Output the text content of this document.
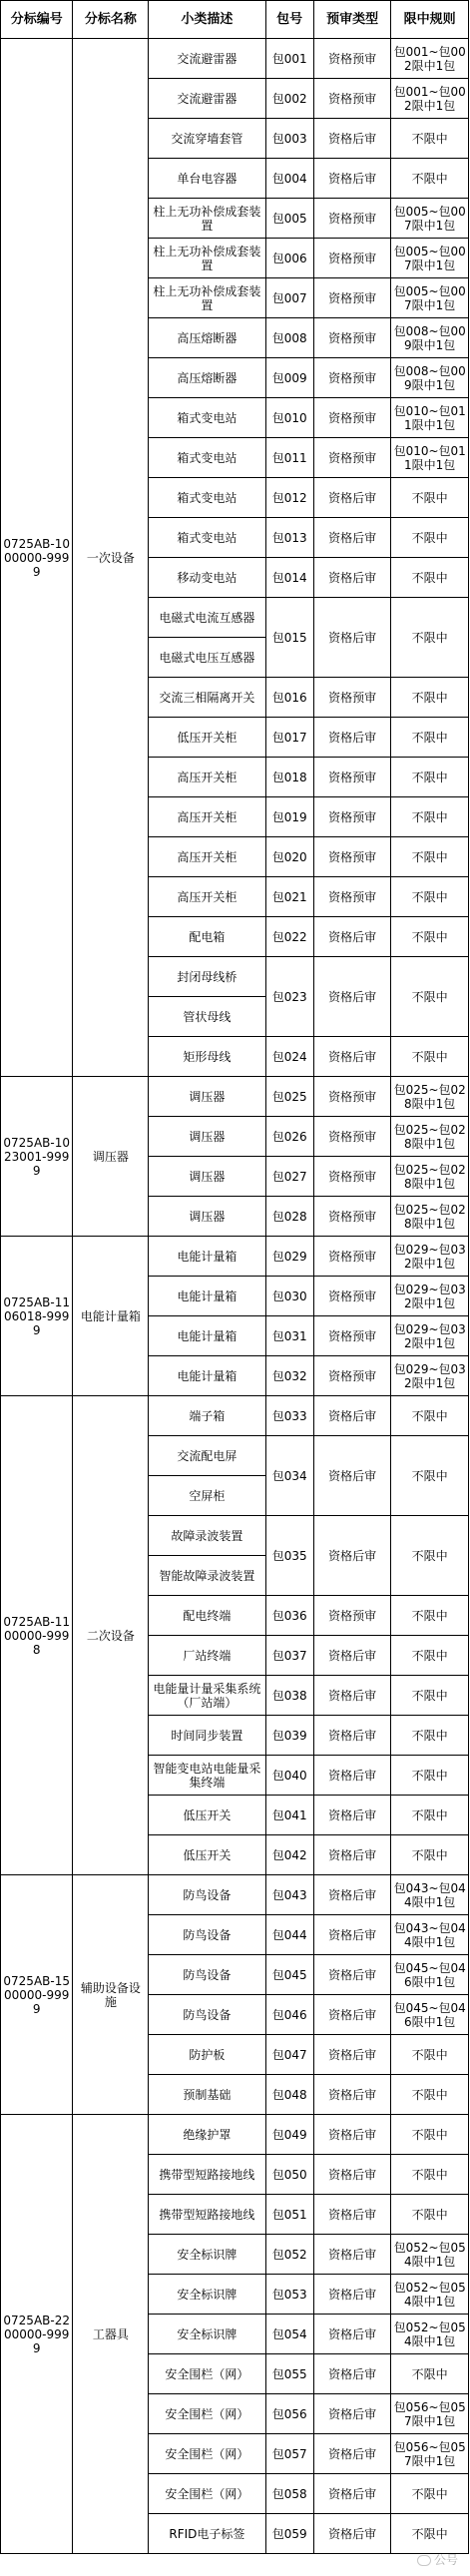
分标编号	分标名称	小类描述	包号	预审类型	限中规则
0725AB-1000000-9999	一次设备	交流避雷器	包001	资格预审	包001~包002限中1包
		交流避雷器	包002	资格预审	包001~包002限中1包
		交流穿墙套管	包003	资格后审	不限中
		单台电容器	包004	资格后审	不限中
		柱上无功补偿成套装置	包005	资格预审	包005~包007限中1包
		柱上无功补偿成套装置	包006	资格预审	包005~包007限中1包
		柱上无功补偿成套装置	包007	资格预审	包005~包007限中1包
		高压熔断器	包008	资格预审	包008~包009限中1包
		高压熔断器	包009	资格预审	包008~包009限中1包
		箱式变电站	包010	资格预审	包010~包011限中1包
		箱式变电站	包011	资格预审	包010~包011限中1包
		箱式变电站	包012	资格后审	不限中
		箱式变电站	包013	资格后审	不限中
		移动变电站	包014	资格后审	不限中
		电磁式电流互感器	包015	资格后审	不限中
		电磁式电压互感器			
		交流三相隔离开关	包016	资格预审	不限中
		低压开关柜	包017	资格后审	不限中
		高压开关柜	包018	资格预审	不限中
		高压开关柜	包019	资格预审	不限中
		高压开关柜	包020	资格预审	不限中
		高压开关柜	包021	资格预审	不限中
		配电箱	包022	资格后审	不限中
		封闭母线桥	包023	资格后审	不限中
		管状母线			
		矩形母线	包024	资格后审	不限中
0725AB-1023001-9999	调压器	调压器	包025	资格预审	包025~包028限中1包
		调压器	包026	资格预审	包025~包028限中1包
		调压器	包027	资格预审	包025~包028限中1包
		调压器	包028	资格预审	包025~包028限中1包
0725AB-1106018-9999	电能计量箱	电能计量箱	包029	资格预审	包029~包032限中1包
		电能计量箱	包030	资格预审	包029~包032限中1包
		电能计量箱	包031	资格预审	包029~包032限中1包
		电能计量箱	包032	资格预审	包029~包032限中1包
0725AB-1100000-9998	二次设备	端子箱	包033	资格后审	不限中
		交流配电屏	包034	资格后审	不限中
		空屏柜			
		故障录波装置	包035	资格后审	不限中
		智能故障录波装置			
		配电终端	包036	资格预审	不限中
		厂站终端	包037	资格后审	不限中
		电能量计量采集系统（厂站端）	包038	资格后审	不限中
		时间同步装置	包039	资格后审	不限中
		智能变电站电能量采集终端	包040	资格后审	不限中
		低压开关	包041	资格后审	不限中
		低压开关	包042	资格后审	不限中
0725AB-1500000-9999	辅助设备设施	防鸟设备	包043	资格后审	包043~包044限中1包
		防鸟设备	包044	资格后审	包043~包044限中1包
		防鸟设备	包045	资格后审	包045~包046限中1包
		防鸟设备	包046	资格后审	包045~包046限中1包
		防护板	包047	资格后审	不限中
		预制基础	包048	资格后审	不限中
0725AB-2200000-9999	工器具	绝缘护罩	包049	资格后审	不限中
		携带型短路接地线	包050	资格后审	不限中
		携带型短路接地线	包051	资格后审	不限中
		安全标识牌	包052	资格后审	包052~包054限中1包
		安全标识牌	包053	资格后审	包052~包054限中1包
		安全标识牌	包054	资格后审	包052~包054限中1包
		安全围栏（网）	包055	资格后审	不限中
		安全围栏（网）	包056	资格后审	包056~包057限中1包
		安全围栏（网）	包057	资格后审	包056~包057限中1包
		安全围栏（网）	包058	资格后审	不限中
		RFID电子标签	包059	资格后审	不限中
公号
